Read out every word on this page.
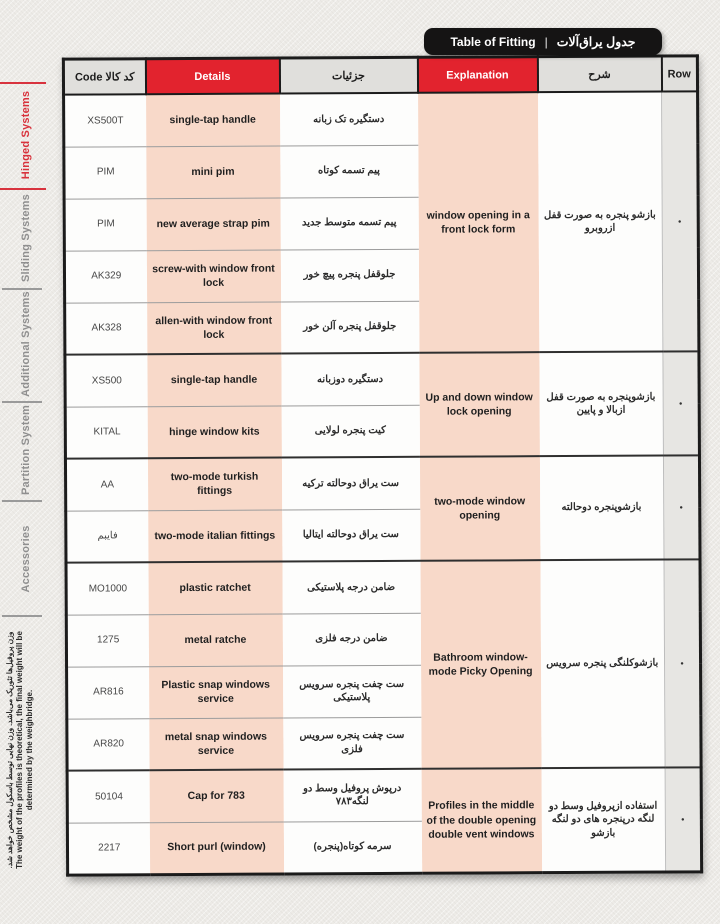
Table of Fitting | جدول یراق‌آلات
Hinged Systems
Sliding Systems
Additional Systems
Partition System
Accessories
وزن پروفیل‌ها تئوریک می‌باشد. وزن نهایی توسط باسکول مشخص خواهد شد. The weight of the profiles is theoretical, the final weight will be determined by the weighbridge.
کد کالا Code	Details	جزئیات	Explanation	شرح	Row
XS500T	single-tap handle	دستگیره تک زبانه	window opening in a front lock form	بازشو پنجره به صورت قفل ازروبرو	•
PIM	mini pim	پیم تسمه کوتاه			
PIM	new average strap pim	پیم تسمه متوسط جدید			
AK329	screw-with window front lock	جلوقفل پنجره پیچ خور			
AK328	allen-with window front lock	جلوقفل پنجره آلن خور			
XS500	single-tap handle	دستگیره دوزبانه	Up and down window lock opening	بازشوپنجره به صورت قفل ازبالا و پایین	•
KITAL	hinge window kits	کیت پنجره لولایی			
AA	two-mode turkish fittings	ست یراق دوحالته ترکیه	two-mode window opening	بازشوپنجره دوحالته	•
فایبم	two-mode italian fittings	ست یراق دوحالته ایتالیا			
MO1000	plastic ratchet	ضامن درجه پلاستیکی	Bathroom window- mode Picky Opening	بازشوکلنگی پنجره سرویس	•
1275	metal ratche	ضامن درجه فلزی			
AR816	Plastic snap windows service	ست چفت پنجره سرویس پلاستیکی			
AR820	metal snap windows service	ست چفت پنجره سرویس فلزی			
50104	Cap for 783	درپوش پروفیل وسط دو لنگه۷۸۳	Profiles in the middle of the double opening double vent windows	استفاده ازپروفیل وسط دو لنگه درپنجره های دو لنگه بازشو	•
2217	Short purl (window)	سرمه کوتاه(پنجره)			
